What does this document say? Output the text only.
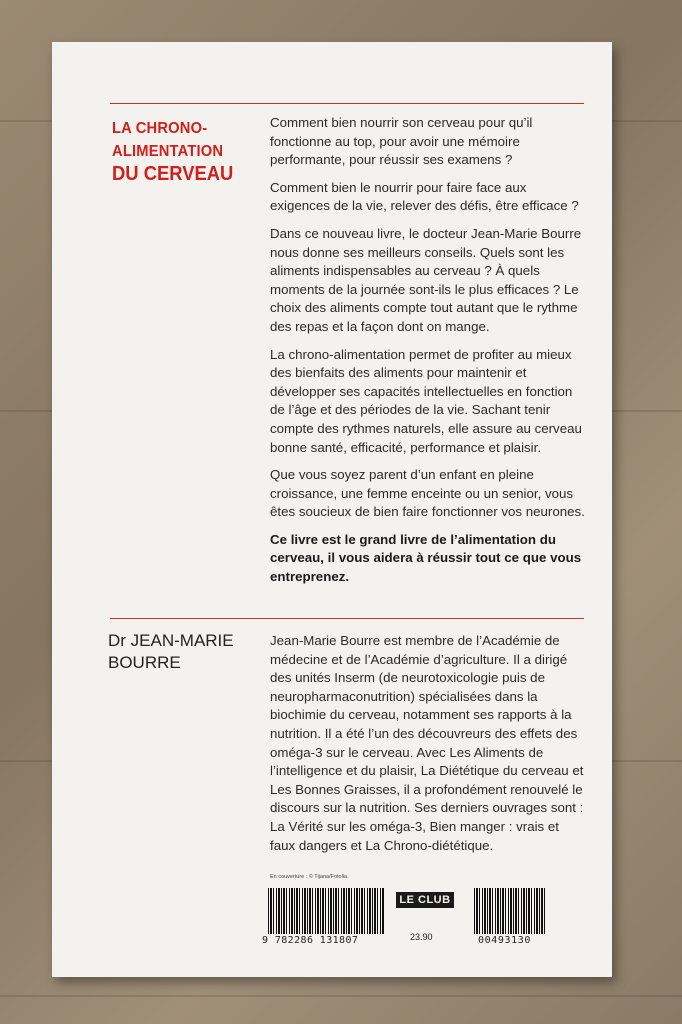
LA CHRONO-
ALIMENTATION
DU CERVEAU

Comment bien nourrir son cerveau pour qu’il fonctionne au top, pour avoir une mémoire performante, pour réussir ses examens ?

Comment bien le nourrir pour faire face aux exigences de la vie, relever des défis, être efficace ?

Dans ce nouveau livre, le docteur Jean-Marie Bourre nous donne ses meilleurs conseils. Quels sont les aliments indispensables au cerveau ? À quels moments de la journée sont-ils le plus efficaces ? Le choix des aliments compte tout autant que le rythme des repas et la façon dont on mange.

La chrono-alimentation permet de profiter au mieux des bienfaits des aliments pour maintenir et développer ses capacités intellectuelles en fonction de l’âge et des périodes de la vie. Sachant tenir compte des rythmes naturels, elle assure au cerveau bonne santé, efficacité, performance et plaisir.

Que vous soyez parent d’un enfant en pleine croissance, une femme enceinte ou un senior, vous êtes soucieux de bien faire fonctionner vos neurones.

Ce livre est le grand livre de l’alimentation du cerveau, il vous aidera à réussir tout ce que vous entreprenez.

Dr JEAN-MARIE
BOURRE
Jean-Marie Bourre est membre de l’Académie de médecine et de l’Académie d’agriculture. Il a dirigé des unités Inserm (de neurotoxicologie puis de neuropharmaconutrition) spécialisées dans la biochimie du cerveau, notamment ses rapports à la nutrition. Il a été l’un des découvreurs des effets des oméga-3 sur le cerveau. Avec Les Aliments de l’intelligence et du plaisir, La Diététique du cerveau et Les Bonnes Graisses, il a profondément renouvelé le discours sur la nutrition. Ses derniers ouvrages sont : La Vérité sur les oméga-3, Bien manger : vrais et faux dangers et La Chrono-diététique.
En couverture : © Tijana/Fotolia.
9 782286 131807
LE CLUB
23.90	00493130
